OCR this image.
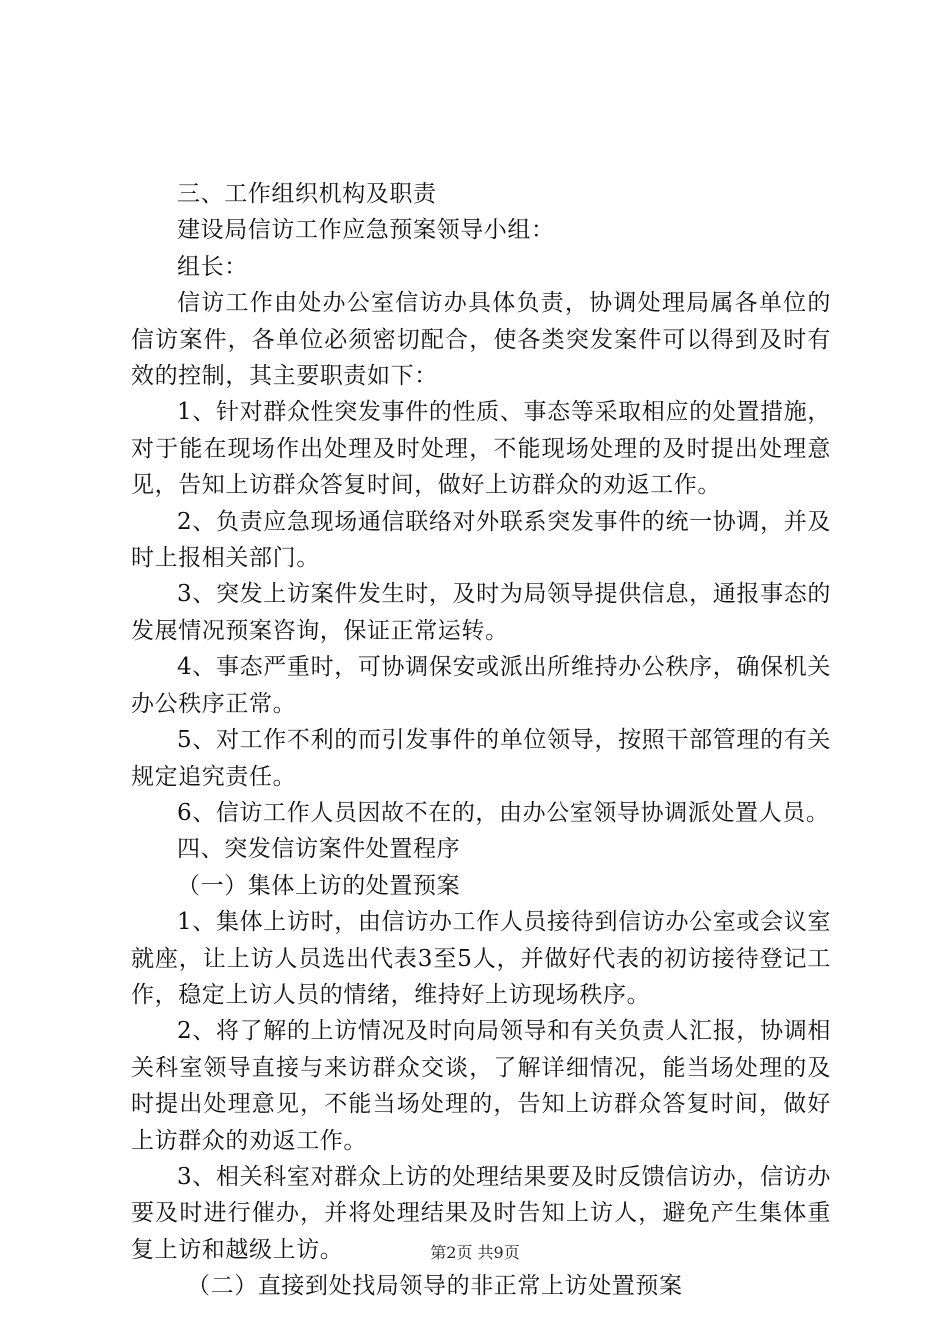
三、工作组织机构及职责

建设局信访工作应急预案领导小组：

组长：

信访工作由处办公室信访办具体负责，协调处理局属各单位的信访案件，各单位必须密切配合，使各类突发案件可以得到及时有效的控制，其主要职责如下：

1、针对群众性突发事件的性质、事态等采取相应的处置措施，对于能在现场作出处理及时处理，不能现场处理的及时提出处理意见，告知上访群众答复时间，做好上访群众的劝返工作。

2、负责应急现场通信联络对外联系突发事件的统一协调，并及时上报相关部门。

3、突发上访案件发生时，及时为局领导提供信息，通报事态的发展情况预案咨询，保证正常运转。

4、事态严重时，可协调保安或派出所维持办公秩序，确保机关办公秩序正常。

5、对工作不利的而引发事件的单位领导，按照干部管理的有关规定追究责任。

6、信访工作人员因故不在的，由办公室领导协调派处置人员。

四、突发信访案件处置程序

（一）集体上访的处置预案

1、集体上访时，由信访办工作人员接待到信访办公室或会议室就座，让上访人员选出代表3至5人，并做好代表的初访接待登记工作，稳定上访人员的情绪，维持好上访现场秩序。

2、将了解的上访情况及时向局领导和有关负责人汇报，协调相关科室领导直接与来访群众交谈，了解详细情况，能当场处理的及时提出处理意见，不能当场处理的，告知上访群众答复时间，做好上访群众的劝返工作。

3、相关科室对群众上访的处理结果要及时反馈信访办，信访办要及时进行催办，并将处理结果及时告知上访人，避免产生集体重复上访和越级上访。

（二）直接到处找局领导的非正常上访处置预案

第2页 共9页
